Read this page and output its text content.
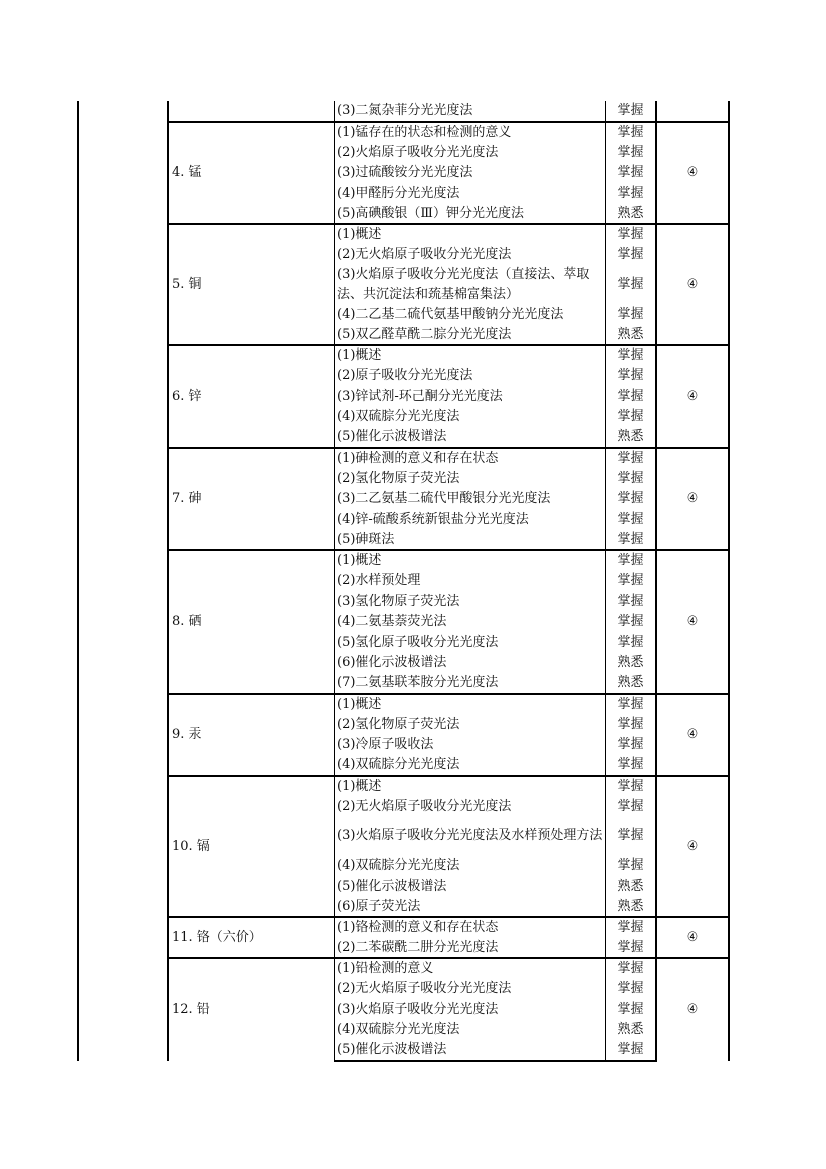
		(3)二氮杂菲分光光度法	掌握	
	4. 锰	(1)锰存在的状态和检测的意义	掌握	④
		(2)火焰原子吸收分光光度法	掌握	
		(3)过硫酸铵分光光度法	掌握	
		(4)甲醛肟分光光度法	掌握	
		(5)高碘酸银（Ⅲ）钾分光光度法	熟悉	
	5. 铜	(1)概述	掌握	④
		(2)无火焰原子吸收分光光度法	掌握	
		(3)火焰原子吸收分光光度法（直接法、萃取法、共沉淀法和巯基棉富集法）	掌握	
		(4)二乙基二硫代氨基甲酸钠分光光度法	掌握	
		(5)双乙醛草酰二腙分光光度法	熟悉	
	6. 锌	(1)概述	掌握	④
		(2)原子吸收分光光度法	掌握	
		(3)锌试剂-环己酮分光光度法	掌握	
		(4)双硫腙分光光度法	掌握	
		(5)催化示波极谱法	熟悉	
	7. 砷	(1)砷检测的意义和存在状态	掌握	④
		(2)氢化物原子荧光法	掌握	
		(3)二乙氨基二硫代甲酸银分光光度法	掌握	
		(4)锌-硫酸系统新银盐分光光度法	掌握	
		(5)砷斑法	掌握	
	8. 硒	(1)概述	掌握	④
		(2)水样预处理	掌握	
		(3)氢化物原子荧光法	掌握	
		(4)二氨基萘荧光法	掌握	
		(5)氢化原子吸收分光光度法	掌握	
		(6)催化示波极谱法	熟悉	
		(7)二氨基联苯胺分光光度法	熟悉	
	9. 汞	(1)概述	掌握	④
		(2)氢化物原子荧光法	掌握	
		(3)冷原子吸收法	掌握	
		(4)双硫腙分光光度法	掌握	
	10. 镉	(1)概述	掌握	④
		(2)无火焰原子吸收分光光度法	掌握	
		(3)火焰原子吸收分光光度法及水样预处理方法	掌握	
		(4)双硫腙分光光度法	掌握	
		(5)催化示波极谱法	熟悉	
		(6)原子荧光法	熟悉	
	11. 铬（六价）	(1)铬检测的意义和存在状态	掌握	④
		(2)二苯碳酰二肼分光光度法	掌握	
	12. 铅	(1)铅检测的意义	掌握	④
		(2)无火焰原子吸收分光光度法	掌握	
		(3)火焰原子吸收分光光度法	掌握	
		(4)双硫腙分光光度法	熟悉	
		(5)催化示波极谱法	掌握	
